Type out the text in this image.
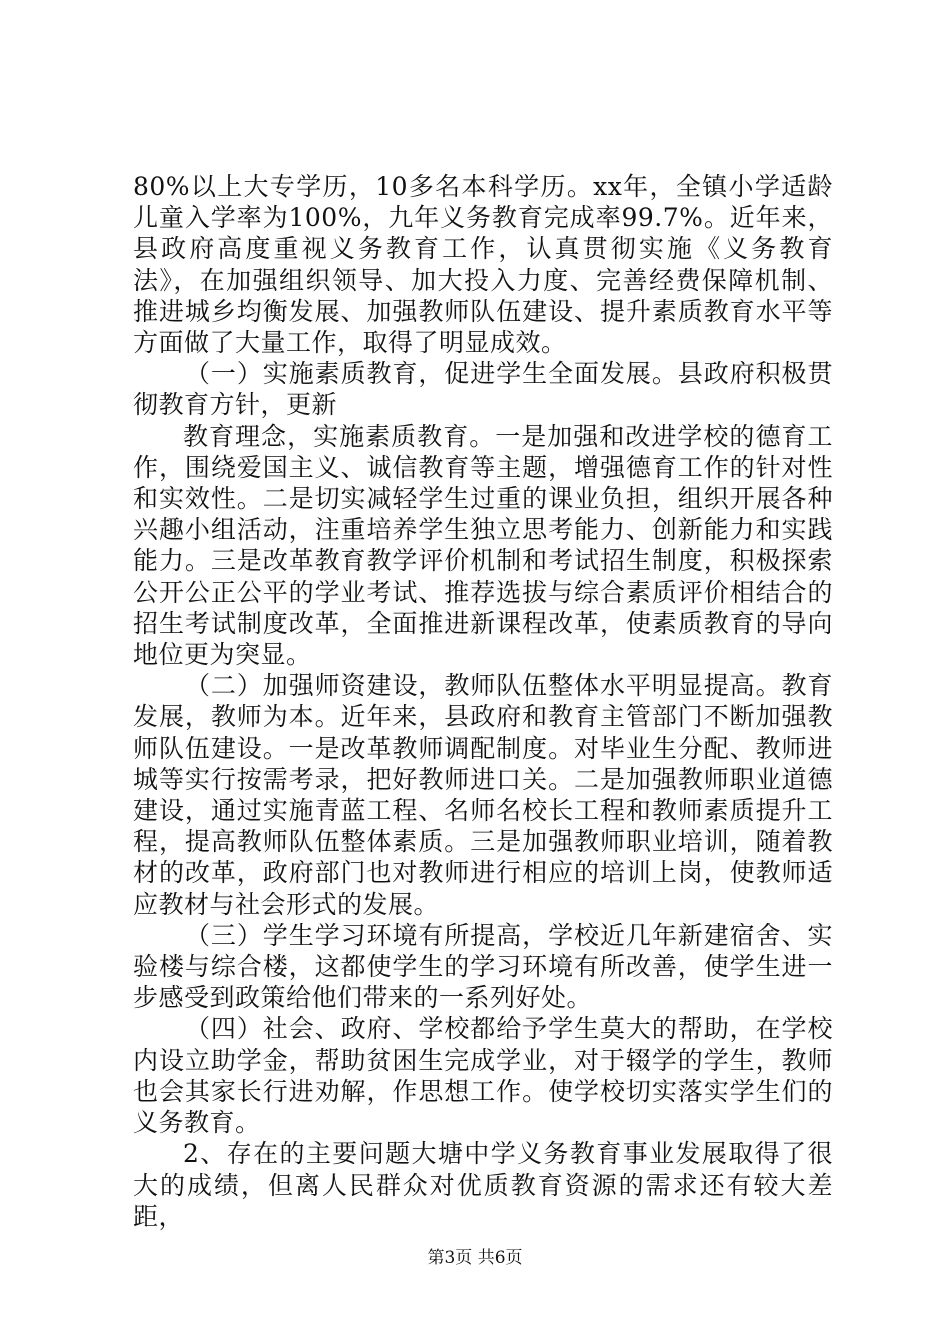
80%以上大专学历，10多名本科学历。xx年，全镇小学适龄儿童入学率为100%，九年义务教育完成率99.7%。近年来，县政府高度重视义务教育工作，认真贯彻实施《义务教育法》，在加强组织领导、加大投入力度、完善经费保障机制、推进城乡均衡发展、加强教师队伍建设、提升素质教育水平等方面做了大量工作，取得了明显成效。

（一）实施素质教育，促进学生全面发展。县政府积极贯彻教育方针，更新

教育理念，实施素质教育。一是加强和改进学校的德育工作，围绕爱国主义、诚信教育等主题，增强德育工作的针对性和实效性。二是切实减轻学生过重的课业负担，组织开展各种兴趣小组活动，注重培养学生独立思考能力、创新能力和实践能力。三是改革教育教学评价机制和考试招生制度，积极探索公开公正公平的学业考试、推荐选拔与综合素质评价相结合的招生考试制度改革，全面推进新课程改革，使素质教育的导向地位更为突显。

（二）加强师资建设，教师队伍整体水平明显提高。教育发展，教师为本。近年来，县政府和教育主管部门不断加强教师队伍建设。一是改革教师调配制度。对毕业生分配、教师进城等实行按需考录，把好教师进口关。二是加强教师职业道德建设，通过实施青蓝工程、名师名校长工程和教师素质提升工程，提高教师队伍整体素质。三是加强教师职业培训，随着教材的改革，政府部门也对教师进行相应的培训上岗，使教师适应教材与社会形式的发展。

（三）学生学习环境有所提高，学校近几年新建宿舍、实验楼与综合楼，这都使学生的学习环境有所改善，使学生进一步感受到政策给他们带来的一系列好处。

（四）社会、政府、学校都给予学生莫大的帮助，在学校内设立助学金，帮助贫困生完成学业，对于辍学的学生，教师也会其家长行进劝解，作思想工作。使学校切实落实学生们的义务教育。

2、存在的主要问题大塘中学义务教育事业发展取得了很大的成绩，但离人民群众对优质教育资源的需求还有较大差距，

第3页 共6页
